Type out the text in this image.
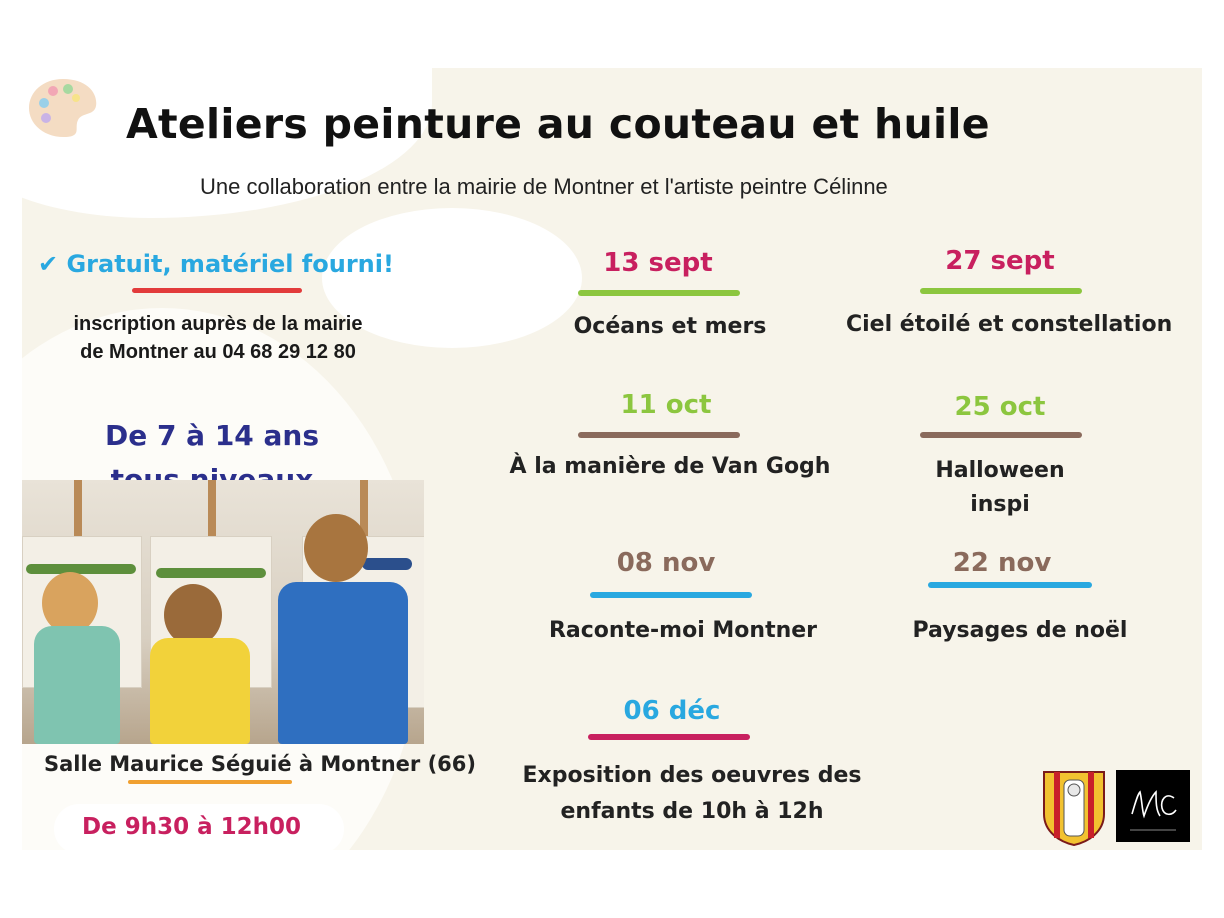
Ateliers peinture au couteau et huile
Une collaboration entre la mairie de Montner et l'artiste peintre Célinne
✔ Gratuit, matériel fourni!
inscription auprès de la mairie
de Montner au 04 68 29 12 80
De 7 à 14 ans
Salle Maurice Séguié à Montner (66)
De 9h30 à 12h00
13 sept
Océans et mers
27 sept
Ciel étoilé et constellation
11 oct
À la manière de Van Gogh
25 oct
Halloween
inspi
08 nov
Raconte-moi Montner
22 nov
Paysages de noël
06 déc
Exposition des oeuvres des
enfants de 10h à 12h
